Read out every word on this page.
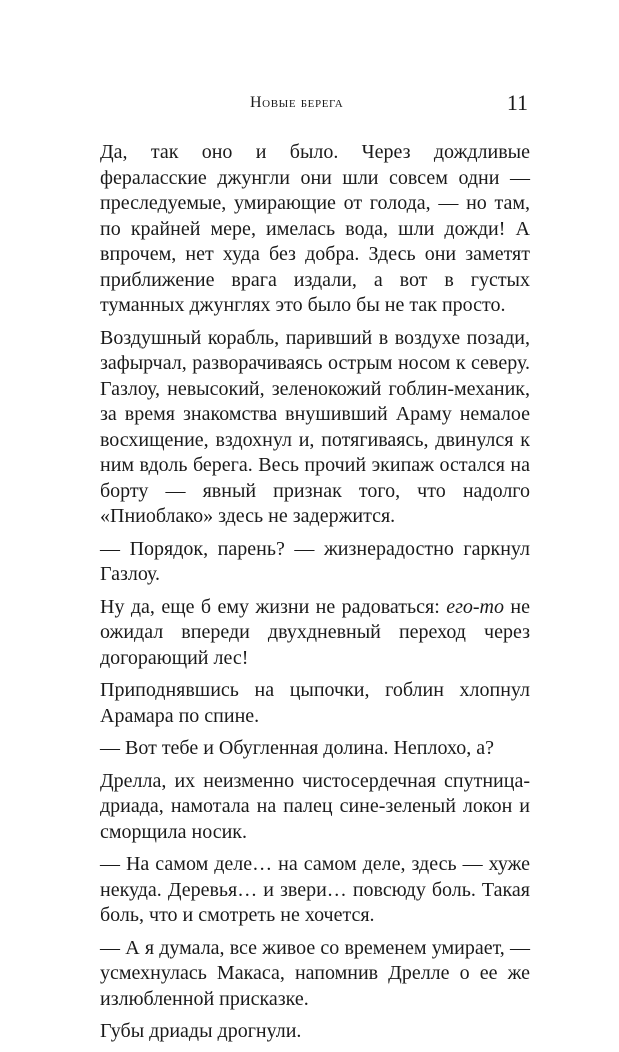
Новые берега	11

Да, так оно и было. Через дождливые фераласские джунгли они шли совсем одни — преследуемые, умирающие от голода, — но там, по крайней мере, имелась вода, шли дожди! А впрочем, нет худа без добра. Здесь они заметят приближение врага издали, а вот в густых туманных джунглях это было бы не так просто.

Воздушный корабль, паривший в воздухе позади, зафырчал, разворачиваясь острым носом к северу. Газлоу, невысокий, зеленокожий гоблин-механик, за время знакомства внушивший Араму немалое восхищение, вздохнул и, потягиваясь, двинулся к ним вдоль берега. Весь прочий экипаж остался на борту — явный признак того, что надолго «Пниоблако» здесь не задержится.

— Порядок, парень? — жизнерадостно гаркнул Газлоу.

Ну да, еще б ему жизни не радоваться: его-то не ожидал впереди двухдневный переход через догорающий лес!

Приподнявшись на цыпочки, гоблин хлопнул Арамара по спине.

— Вот тебе и Обугленная долина. Неплохо, а?

Дрелла, их неизменно чистосердечная спутница-дриада, намотала на палец сине-зеленый локон и сморщила носик.

— На самом деле… на самом деле, здесь — хуже некуда. Деревья… и звери… повсюду боль. Такая боль, что и смотреть не хочется.

— А я думала, все живое со временем умирает, — усмехнулась Макаса, напомнив Дрелле о ее же излюбленной присказке.

Губы дриады дрогнули.
